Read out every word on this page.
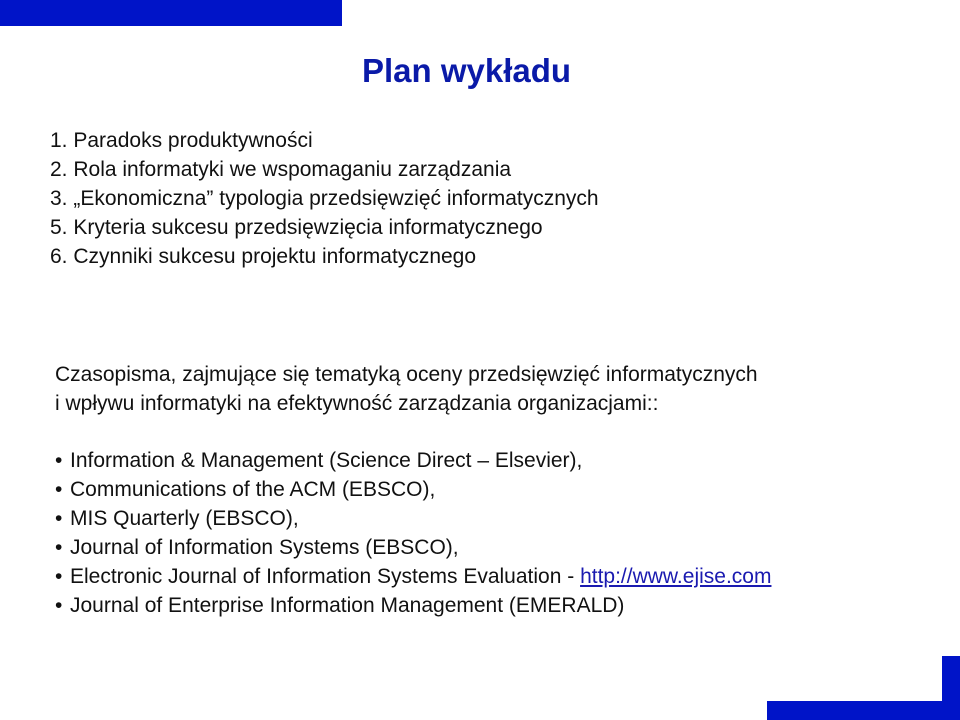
Plan wykładu
1. Paradoks produktywności
2. Rola informatyki we wspomaganiu zarządzania
3. „Ekonomiczna” typologia przedsięwzięć informatycznych
5. Kryteria sukcesu przedsięwzięcia informatycznego
6. Czynniki sukcesu projektu informatycznego

Czasopisma, zajmujące się tematyką oceny przedsięwzięć informatycznych
i wpływu informatyki na efektywność zarządzania organizacjami::

• Information & Management (Science Direct – Elsevier),
• Communications of the ACM (EBSCO),
• MIS Quarterly (EBSCO),
• Journal of Information Systems (EBSCO),
• Electronic Journal of Information Systems Evaluation - http://www.ejise.com
• Journal of Enterprise Information Management (EMERALD)
